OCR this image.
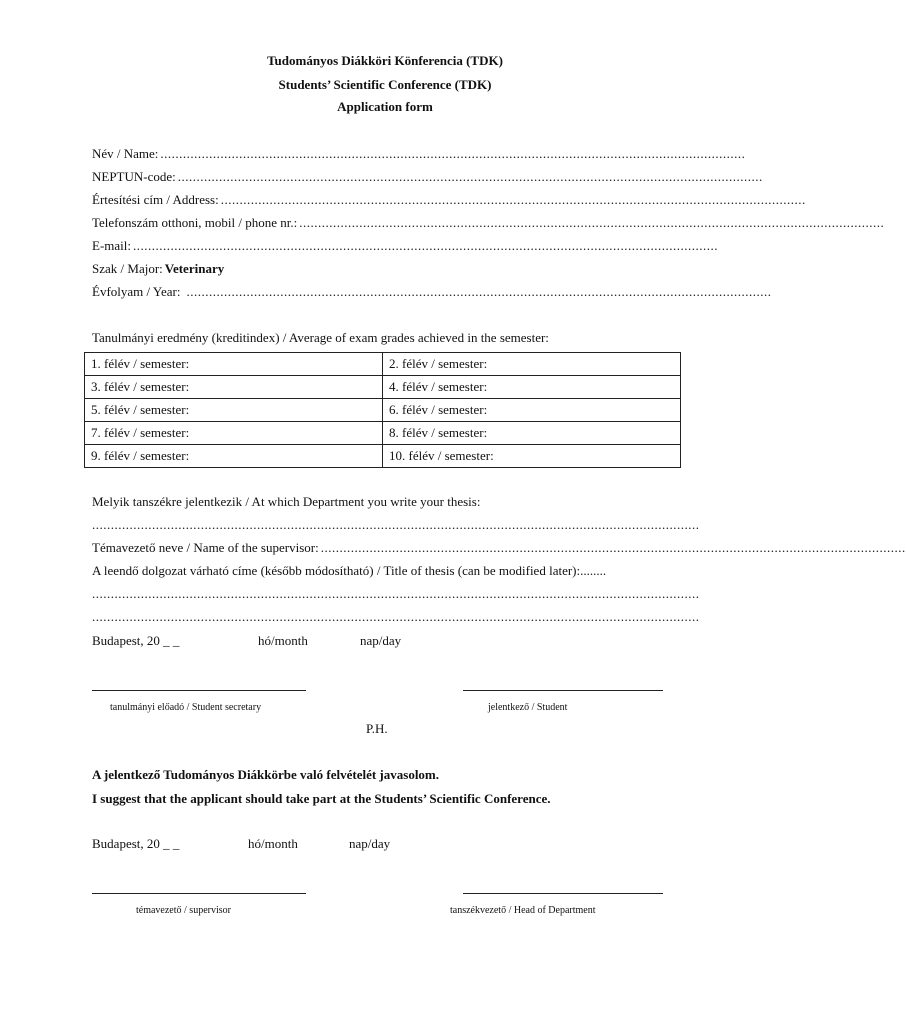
Tudományos Diákköri Könferencia (TDK)
Students’ Scientific Conference (TDK)
Application form
Név / Name: ............................................................................................................................................................
NEPTUN-code: ............................................................................................................................................................
Értesítési cím / Address: ............................................................................................................................................................
Telefonszám otthoni, mobil / phone nr.: ............................................................................................................................................................
E-mail: ............................................................................................................................................................
Szak / Major: Veterinary
Évfolyam / Year: ............................................................................................................................................................
Tanulmányi eredmény (kreditindex) / Average of exam grades achieved in the semester:
1. félév / semester:	2. félév / semester:
3. félév / semester:	4. félév / semester:
5. félév / semester:	6. félév / semester:
7. félév / semester:	8. félév / semester:
9. félév / semester:	10. félév / semester:
Melyik tanszékre jelentkezik / At which Department you write your thesis:
..................................................................................................................................................................
Témavezető neve / Name of the supervisor: ............................................................................................................................................................
A leendő dolgozat várható címe (később módosítható) / Title of thesis (can be modified later):........
..................................................................................................................................................................
..................................................................................................................................................................
Budapest, 20 _ _	hó/month	nap/day
tanulmányi előadó / Student secretary	jelentkező / Student
P.H.
A jelentkező Tudományos Diákkörbe való felvételét javasolom.
I suggest that the applicant should take part at the Students’ Scientific Conference.
Budapest, 20 _ _	hó/month	nap/day
témavezető / supervisor	tanszékvezető / Head of Department
